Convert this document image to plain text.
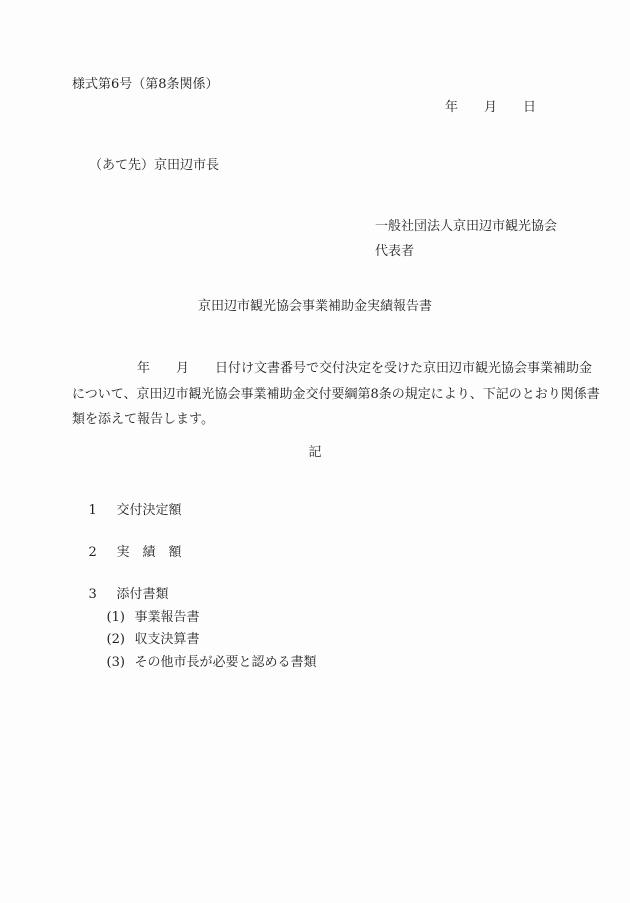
様式第6号（第8条関係）
年　　月　　日
（あて先）京田辺市長
一般社団法人京田辺市観光協会
代表者
京田辺市観光協会事業補助金実績報告書
　　　　　年　　月　　日付け文書番号で交付決定を受けた京田辺市観光協会事業補助金
について、京田辺市観光協会事業補助金交付要綱第8条の規定により、下記のとおり関係書
類を添えて報告します。
記

1 交付決定額

2 実　績　額

3 添付書類

(1) 事業報告書

(2) 収支決算書

(3) その他市長が必要と認める書類
